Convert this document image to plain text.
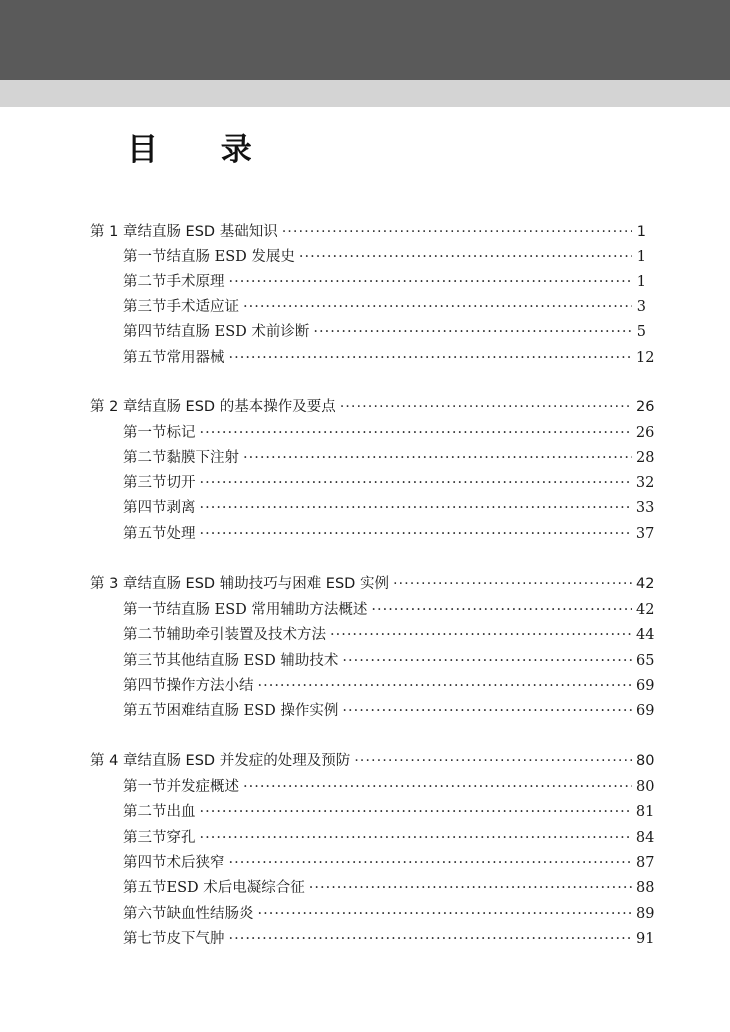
目 录
第 1 章 结直肠 ESD 基础知识 ·····	1
第一节 结直肠 ESD 发展史 ·····	1
第二节 手术原理 ·····	1
第三节 手术适应证 ·····	3
第四节 结直肠 ESD 术前诊断 ·····	5
第五节 常用器械 ·····	12
第 2 章 结直肠 ESD 的基本操作及要点 ·····	26
第一节 标记 ·····	26
第二节 黏膜下注射 ·····	28
第三节 切开 ·····	32
第四节 剥离 ·····	33
第五节 处理 ·····	37
第 3 章 结直肠 ESD 辅助技巧与困难 ESD 实例 ·····	42
第一节 结直肠 ESD 常用辅助方法概述 ·····	42
第二节 辅助牵引装置及技术方法 ·····	44
第三节 其他结直肠 ESD 辅助技术 ·····	65
第四节 操作方法小结 ·····	69
第五节 困难结直肠 ESD 操作实例 ·····	69
第 4 章 结直肠 ESD 并发症的处理及预防 ·····	80
第一节 并发症概述 ·····	80
第二节 出血 ·····	81
第三节 穿孔 ·····	84
第四节 术后狭窄 ·····	87
第五节 ESD 术后电凝综合征 ·····	88
第六节 缺血性结肠炎 ·····	89
第七节 皮下气肿 ·····	91
